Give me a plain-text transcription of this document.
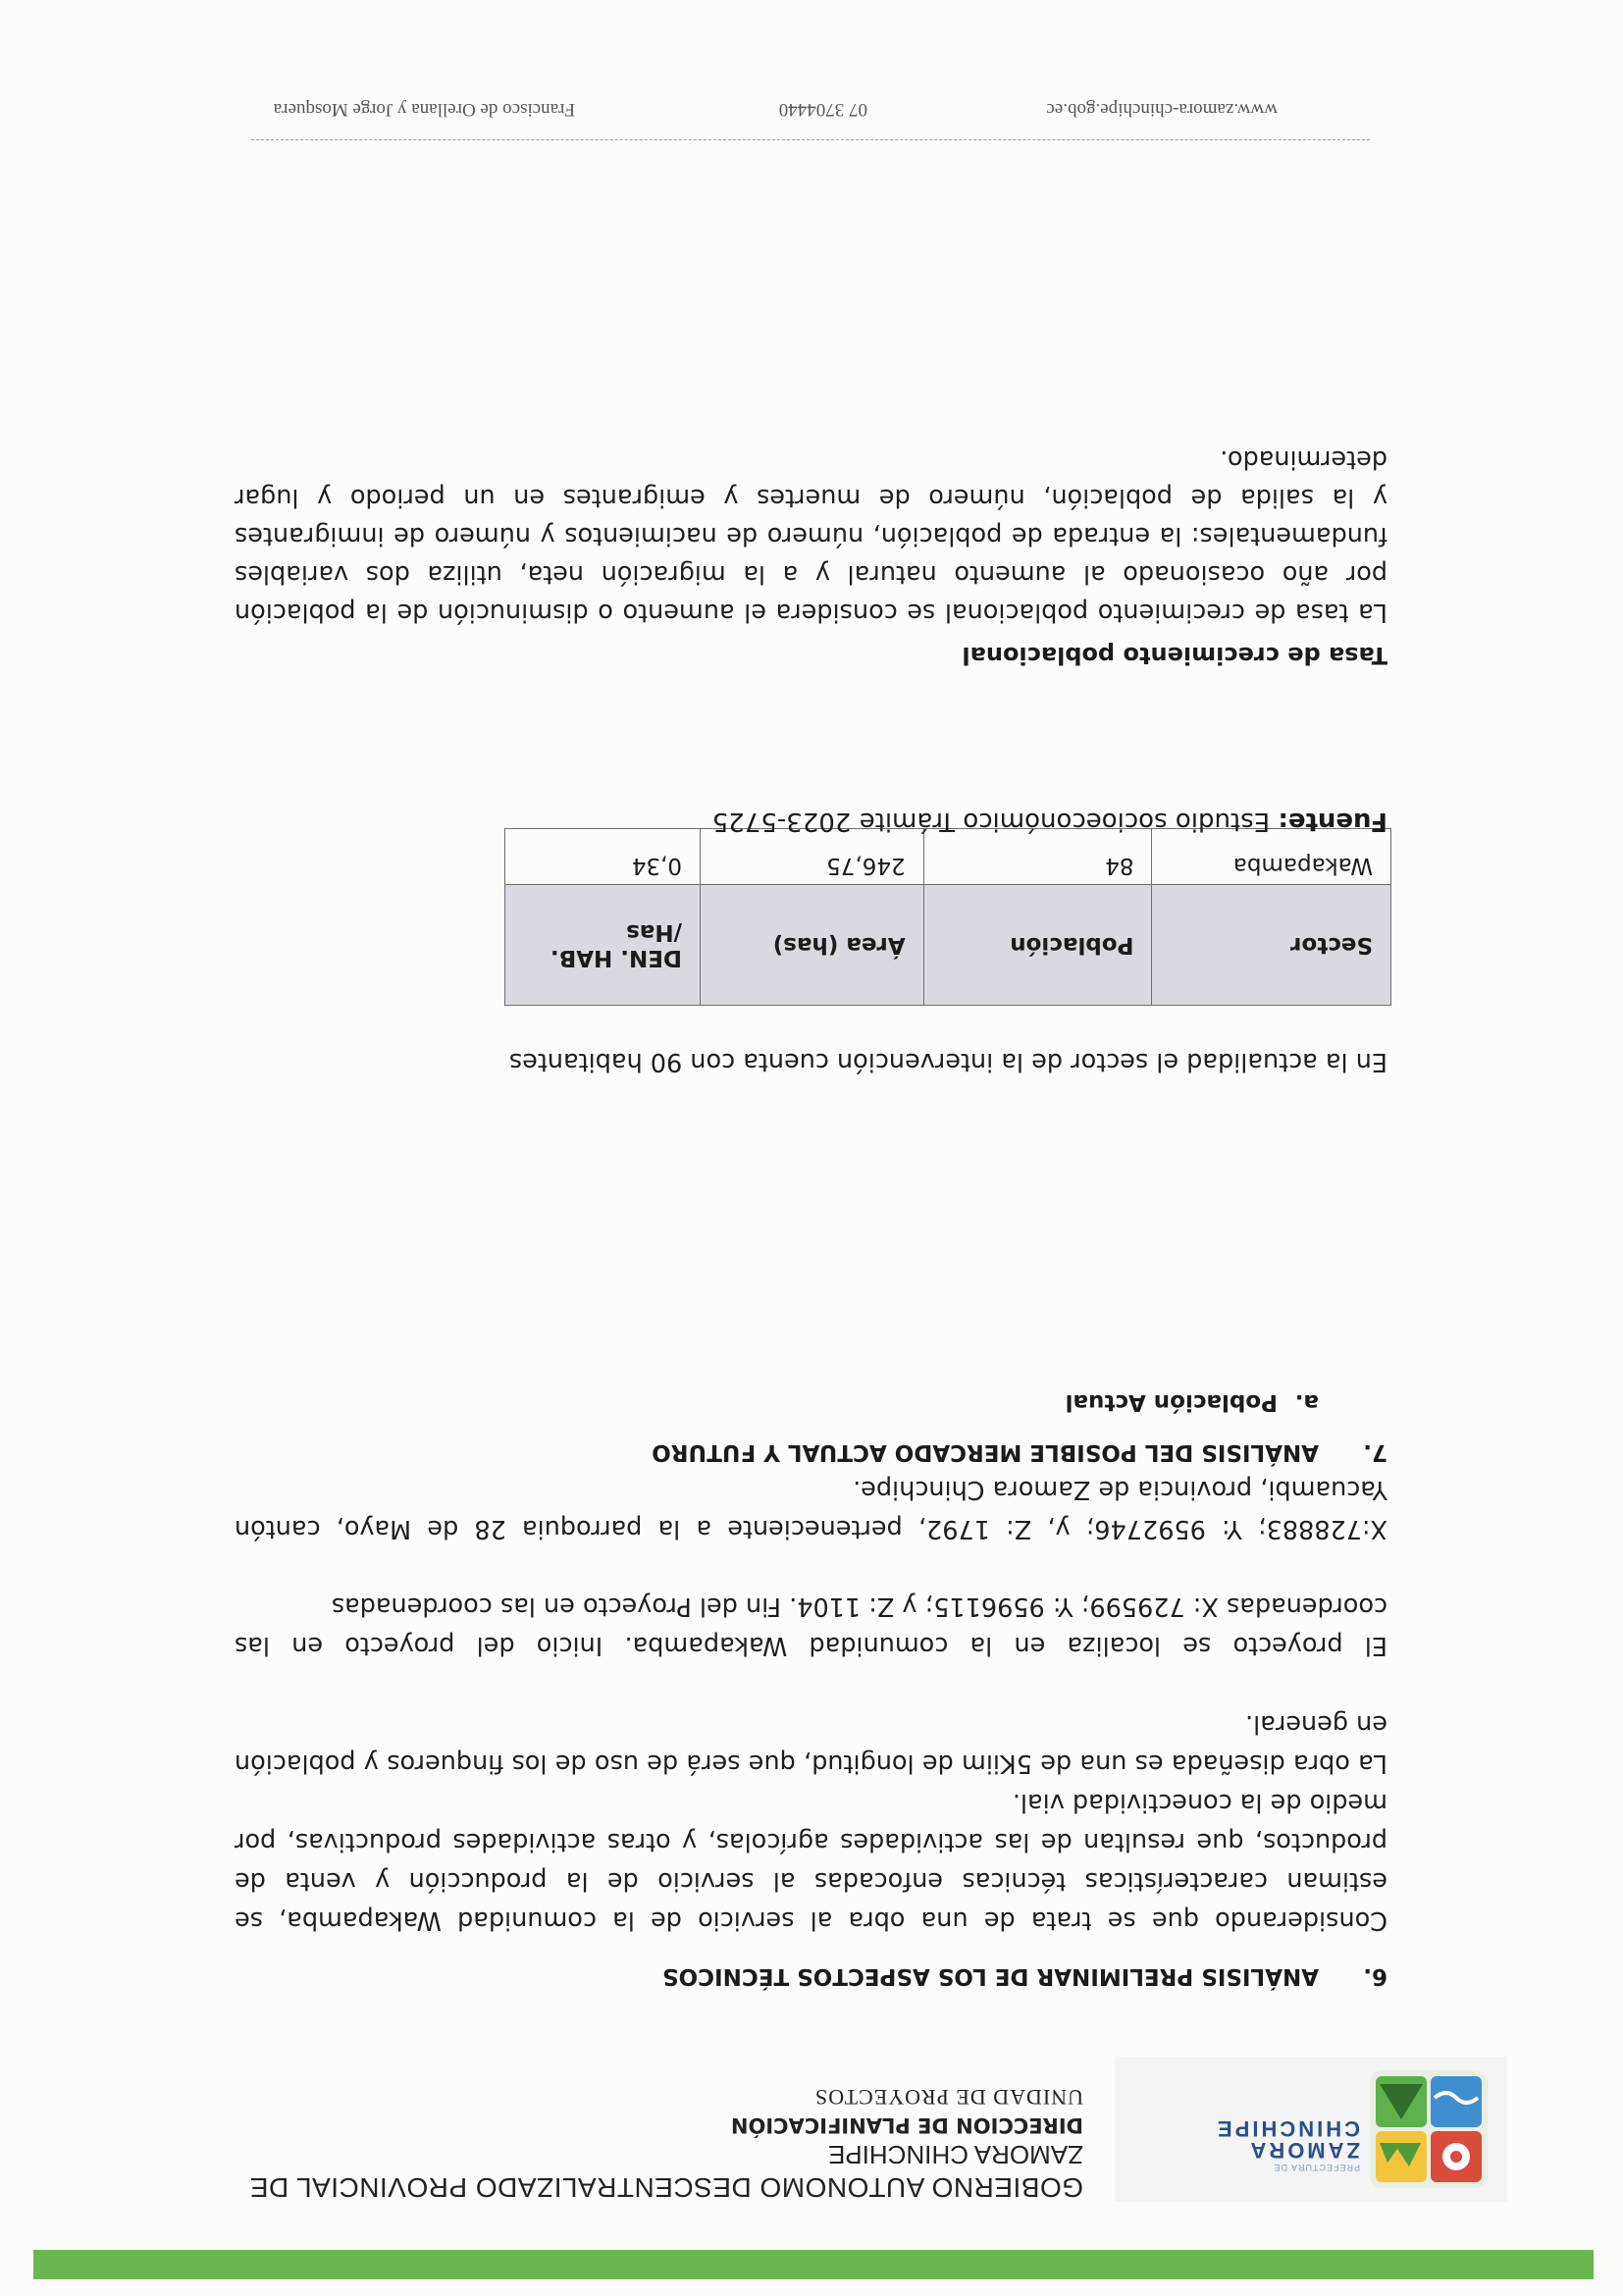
PREFECTURA DE
ZAMORA
CHINCHIPE
GOBIERNO AUTONOMO DESCENTRALIZADO PROVINCIAL DE
ZAMORA CHINCHIPE
DIRECCION DE PLANIFICACIÓN
UNIDAD DE PROYECTOS
6.ANÁLISIS PRELIMINAR DE LOS ASPECTOS TÉCNICOS
Considerando que se trata de una obra al servicio de la comunidad Wakapamba, se estiman características técnicas enfocadas al servicio de la producción y venta de productos, que resultan de las actividades agrícolas, y otras actividades productivas, por medio de la conectividad vial.
La obra diseñada es una de 5Kiim de longitud, que será de uso de los finqueros y población en general.
El proyecto se localiza en la comunidad Wakapamba. Inicio del proyecto en las coordenadas X: 729599; Y: 9596115; y Z: 1104. Fin del Proyecto en las coordenadas
X:728883; Y: 9592746; y, Z: 1792, perteneciente a la parroquia 28 de Mayo, cantón Yacuambi, provincia de Zamora Chinchipe.
7.ANÁLISIS DEL POSIBLE MERCADO ACTUAL Y FUTURO
a.Población Actual
En la actualidad el sector de la intervención cuenta con 90 habitantes
Sector	Población	Área (has)	DEN. HAB. /Has
Wakapamba	84	246,75	0,34
Fuente: Estudio socioeconómico Trámite 2023-5725
Tasa de crecimiento poblacional
La tasa de crecimiento poblacional se considera el aumento o disminución de la población por año ocasionado al aumento natural y a la migración neta, utiliza dos variables fundamentales: la entrada de población, número de nacimientos y número de inmigrantes y la salida de población, número de muertes y emigrantes en un periodo y lugar determinado.
www.zamora-chinchipe.gob.ec
07 3704440
Francisco de Orellana y Jorge Mosquera
